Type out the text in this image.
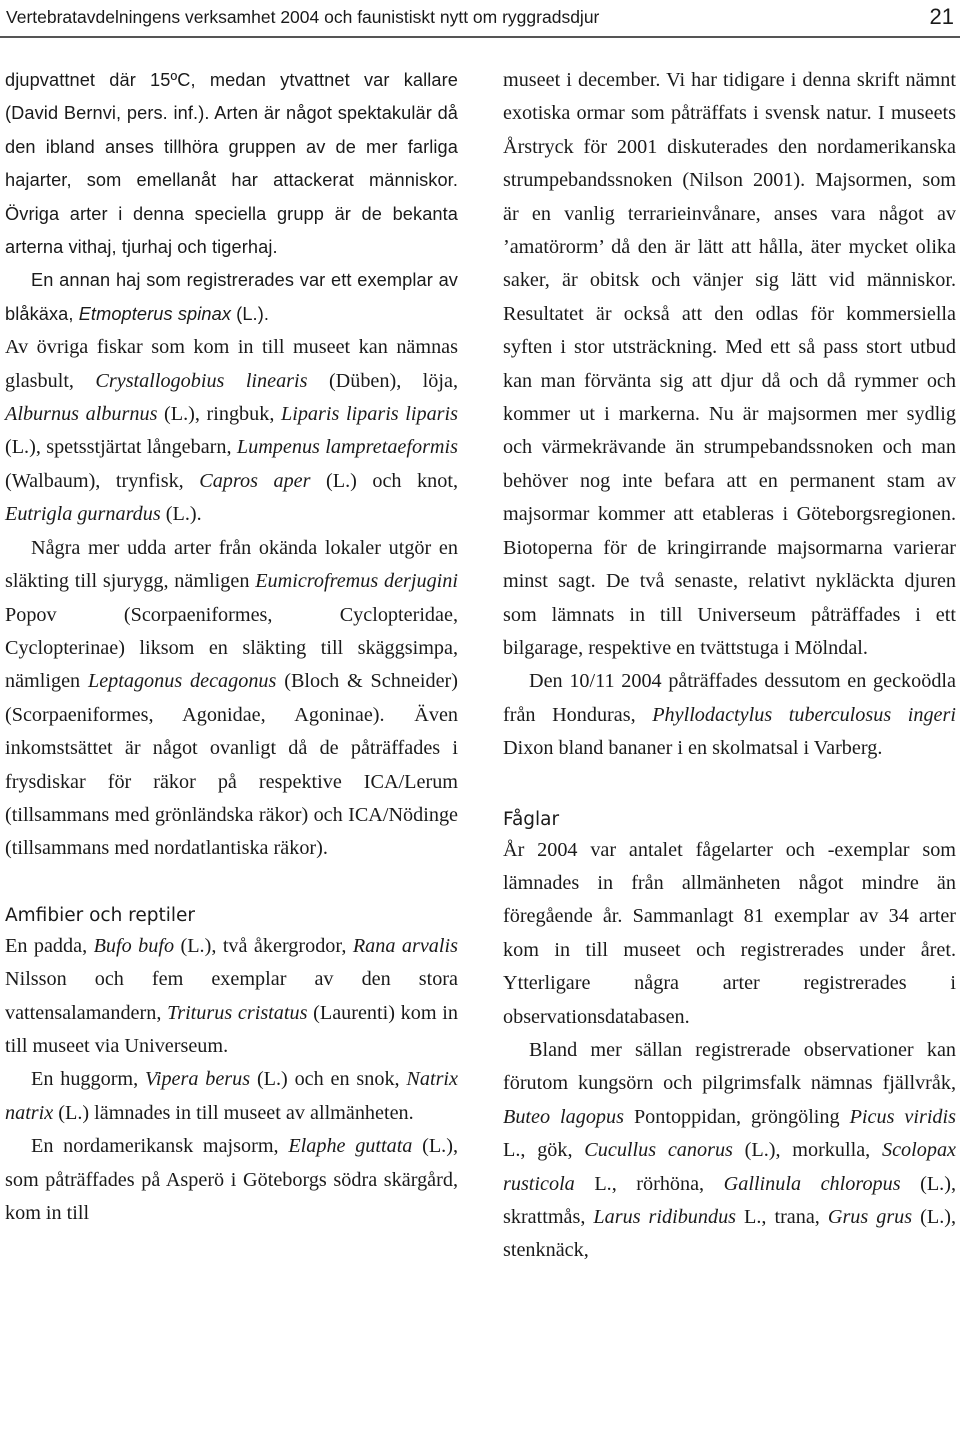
Vertebratavdelningens verksamhet 2004 och faunistiskt nytt om ryggradsdjur	21

djupvattnet där 15ºC, medan ytvattnet var kallare (David Bernvi, pers. inf.). Arten är något spektakulär då den ibland anses tillhöra gruppen av de mer farliga hajarter, som emellanåt har attackerat människor. Övriga arter i denna speciella grupp är de bekanta arterna vithaj, tjurhaj och tigerhaj.

En annan haj som registrerades var ett exemplar av blåkäxa, Etmopterus spinax (L.).

Av övriga fiskar som kom in till museet kan nämnas glasbult, Crystallogobius linearis (Düben), löja, Alburnus alburnus (L.), ringbuk, Liparis liparis liparis (L.), spetsstjärtat långebarn, Lumpenus lampretaeformis (Walbaum), trynfisk, Capros aper (L.) och knot, Eutrigla gurnardus (L.).

Några mer udda arter från okända lokaler utgör en släkting till sjurygg, nämligen Eumicrofremus derjugini Popov (Scorpaeniformes, Cyclopteridae, Cyclopterinae) liksom en släkting till skäggsimpa, nämligen Leptagonus decagonus (Bloch & Schneider) (Scorpaeniformes, Agonidae, Agoninae). Även inkomstsättet är något ovanligt då de påträffades i frysdiskar för räkor på respektive ICA/Lerum (tillsammans med grönländska räkor) och ICA/Nödinge (tillsammans med nordatlantiska räkor).

Amfibier och reptiler

En padda, Bufo bufo (L.), två åkergrodor, Rana arvalis Nilsson och fem exemplar av den stora vattensalamandern, Triturus cristatus (Laurenti) kom in till museet via Universeum.

En huggorm, Vipera berus (L.) och en snok, Natrix natrix (L.) lämnades in till museet av allmänheten.

En nordamerikansk majsorm, Elaphe guttata (L.), som påträffades på Asperö i Göteborgs södra skärgård, kom in till

museet i december. Vi har tidigare i denna skrift nämnt exotiska ormar som påträffats i svensk natur. I museets Årstryck för 2001 diskuterades den nordamerikanska strumpebandssnoken (Nilson 2001). Majsormen, som är en vanlig terrarieinvånare, anses vara något av ’amatörorm’ då den är lätt att hålla, äter mycket olika saker, är obitsk och vänjer sig lätt vid människor. Resultatet är också att den odlas för kommersiella syften i stor utsträckning. Med ett så pass stort utbud kan man förvänta sig att djur då och då rymmer och kommer ut i markerna. Nu är majsormen mer sydlig och värmekrävande än strumpebandssnoken och man behöver nog inte befara att en permanent stam av majsormar kommer att etableras i Göteborgsregionen. Biotoperna för de kringirrande majsormarna varierar minst sagt. De två senaste, relativt nykläckta djuren som lämnats in till Universeum påträffades i ett bilgarage, respektive en tvättstuga i Mölndal.

Den 10/11 2004 påträffades dessutom en geckoödla från Honduras, Phyllodactylus tuberculosus ingeri Dixon bland bananer i en skolmatsal i Varberg.

Fåglar

År 2004 var antalet fågelarter och -exemplar som lämnades in från allmänheten något mindre än föregående år. Sammanlagt 81 exemplar av 34 arter kom in till museet och registrerades under året. Ytterligare några arter registrerades i observationsdatabasen.

Bland mer sällan registrerade observationer kan förutom kungsörn och pilgrimsfalk nämnas fjällvråk, Buteo lagopus Pontoppidan, gröngöling Picus viridis L., gök, Cucullus canorus (L.), morkulla, Scolopax rusticola L., rörhöna, Gallinula chloropus (L.), skrattmås, Larus ridibundus L., trana, Grus grus (L.), stenknäck,
